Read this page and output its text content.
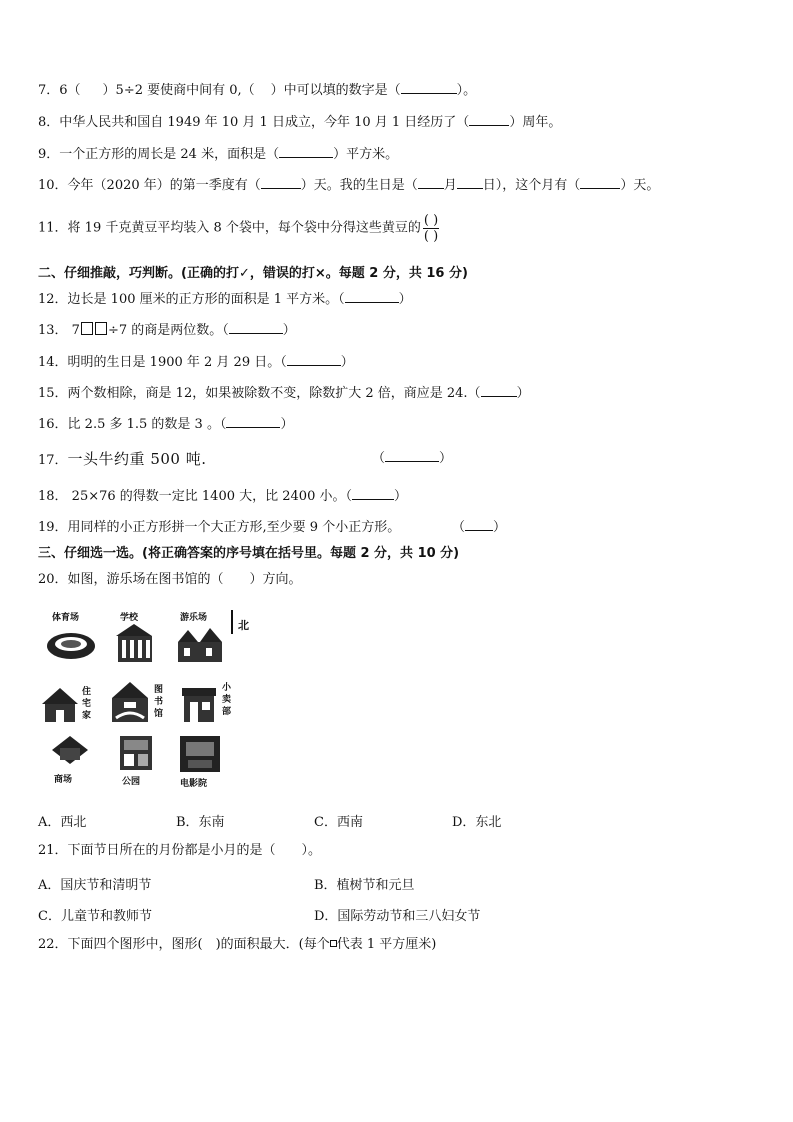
7．6（ ）5÷2 要使商中间有 0,（ ）中可以填的数字是（	）。
8．中华人民共和国自 1949 年 10 月 1 日成立，今年 10 月 1 日经历了（	）周年。
9．一个正方形的周长是 24 米，面积是（	）平方米。
10．今年（2020 年）的第一季度有（	）天。我的生日是（ 月 日），这个月有（	）天。
11．将 19 千克黄豆平均装入 8 个袋中，每个袋中分得这些黄豆的 $\frac{( )}{( )}$
二、仔细推敲，巧判断。(正确的打✓，错误的打×。每题 2 分，共 16 分)
12．边长是 100 厘米的正方形的面积是 1 平方米。（	）
13． 7 ÷7 的商是两位数。（	）
14．明明的生日是 1900 年 2 月 29 日。（	）
15．两个数相除，商是 12，如果被除数不变，除数扩大 2 倍，商应是 24.（	）
16．比 2.5 多 1.5 的数是 3 。（	）
17．一头牛约重 500 吨.	（	）
18． 25×76 的得数一定比 1400 大，比 2400 小。（	）
19．用同样的小正方形拼一个大正方形,至少要 9 个小正方形。	（ ）
三、仔细选一选。(将正确答案的序号填在括号里。每题 2 分，共 10 分)
20．如图，游乐场在图书馆的（　　）方向。
北
体育场	学校	游乐场
住
宅
家
图
书
馆
小
卖
部
商场	公园	电影院
A．西北	B．东南	C．西南	D．东北
21．下面节日所在的月份都是小月的是（　　）。
A．国庆节和清明节	B．植树节和元旦
C．儿童节和教师节	D．国际劳动节和三八妇女节
22．下面四个图形中，图形(　)的面积最大．(每个 代表 1 平方厘米)
